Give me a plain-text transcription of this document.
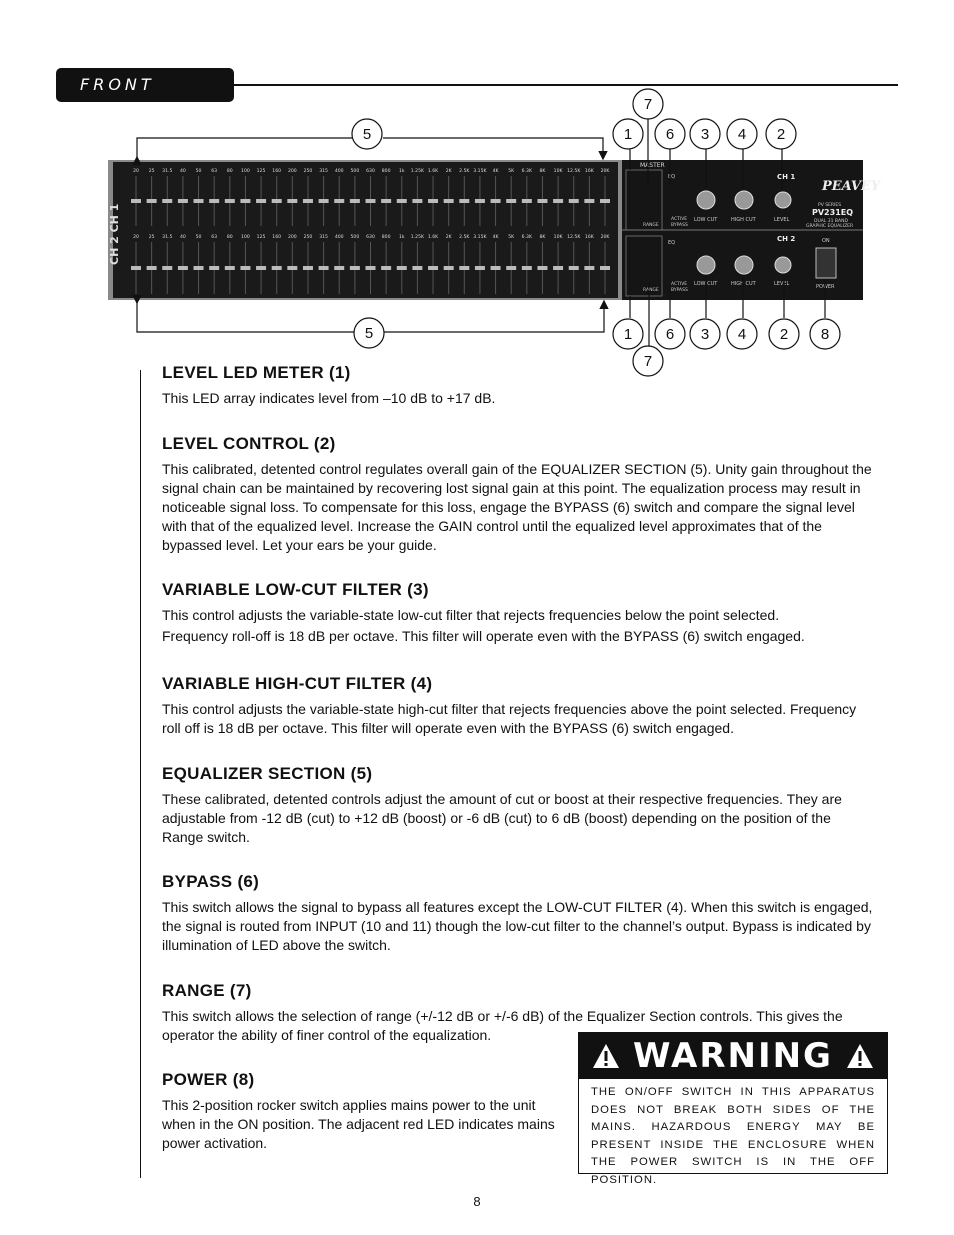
FRONT PANEL
CH 2 CH 1
20 25 31.5 40 50 63 80 100 125 160 200 250 315 400 500 630 800 1k 1.25K 1.6K 2K 2.5K 3.15K 4K 5K 6.3K 8K 10K 12.5K 16K 20K
20 25 31.5 40 50 63 80 100 125 160 200 250 315 400 500 630 800 1k 1.25K 1.6K 2K 2.5K 3.15K 4K 5K 6.3K 8K 10K 12.5K 16K 20K
MASTER
EQ
EQ
ACTIVE
BYPASS
ACTIVE
BYPASS
RANGE
RANGE
LOW CUT	HIGH CUT	LEVEL
LOW CUT	HIGH CUT	LEVEL
CH 1
CH 2
PEAVEY
PV SERIES
PV231EQ
DUAL 31 BAND
GRAPHIC EQUALIZER
ON
POWER
5	1 6 3 4 2
7
5	1 6 3 4 2 8
7
LEVEL LED METER (1)

This LED array indicates level from –10 dB to +17 dB.

LEVEL CONTROL (2)

This calibrated, detented control regulates overall gain of the EQUALIZER SECTION (5). Unity gain throughout the signal chain can be maintained by recovering lost signal gain at this point. The equalization process may result in noticeable signal loss. To compensate for this loss, engage the BYPASS (6) switch and compare the signal level with that of the equalized level. Increase the GAIN control until the equalized level approximates that of the bypassed level. Let your ears be your guide.

VARIABLE LOW-CUT FILTER (3)

This control adjusts the variable-state low-cut filter that rejects frequencies below the point selected.

Frequency roll-off is 18 dB per octave. This filter will operate even with the BYPASS (6) switch engaged.

VARIABLE HIGH-CUT FILTER (4)

This control adjusts the variable-state high-cut filter that rejects frequencies above the point selected. Frequency roll off is 18 dB per octave. This filter will operate even with the BYPASS (6) switch engaged.

EQUALIZER SECTION (5)

These calibrated, detented controls adjust the amount of cut or boost at their respective frequencies. They are adjustable from -12 dB (cut) to +12 dB (boost) or -6 dB (cut) to 6 dB (boost) depending on the position of the Range switch.

BYPASS (6)

This switch allows the signal to bypass all features except the LOW-CUT FILTER (4). When this switch is engaged, the signal is routed from INPUT (10 and 11) though the low-cut filter to the channel’s output. Bypass is indicated by illumination of LED above the switch.

RANGE (7)

This switch allows the selection of range (+/-12 dB or +/-6 dB) of the Equalizer Section controls. This gives the operator the ability of finer control of the equalization.

POWER (8)

This 2-position rocker switch applies mains power to the unit when in the ON position. The adjacent red LED indicates mains power activation.

WARNING
THE ON/OFF SWITCH IN THIS APPARATUS DOES NOT BREAK BOTH SIDES OF THE MAINS. HAZARDOUS ENERGY MAY BE PRESENT INSIDE THE ENCLOSURE WHEN THE POWER SWITCH IS IN THE OFF POSITION.
8
